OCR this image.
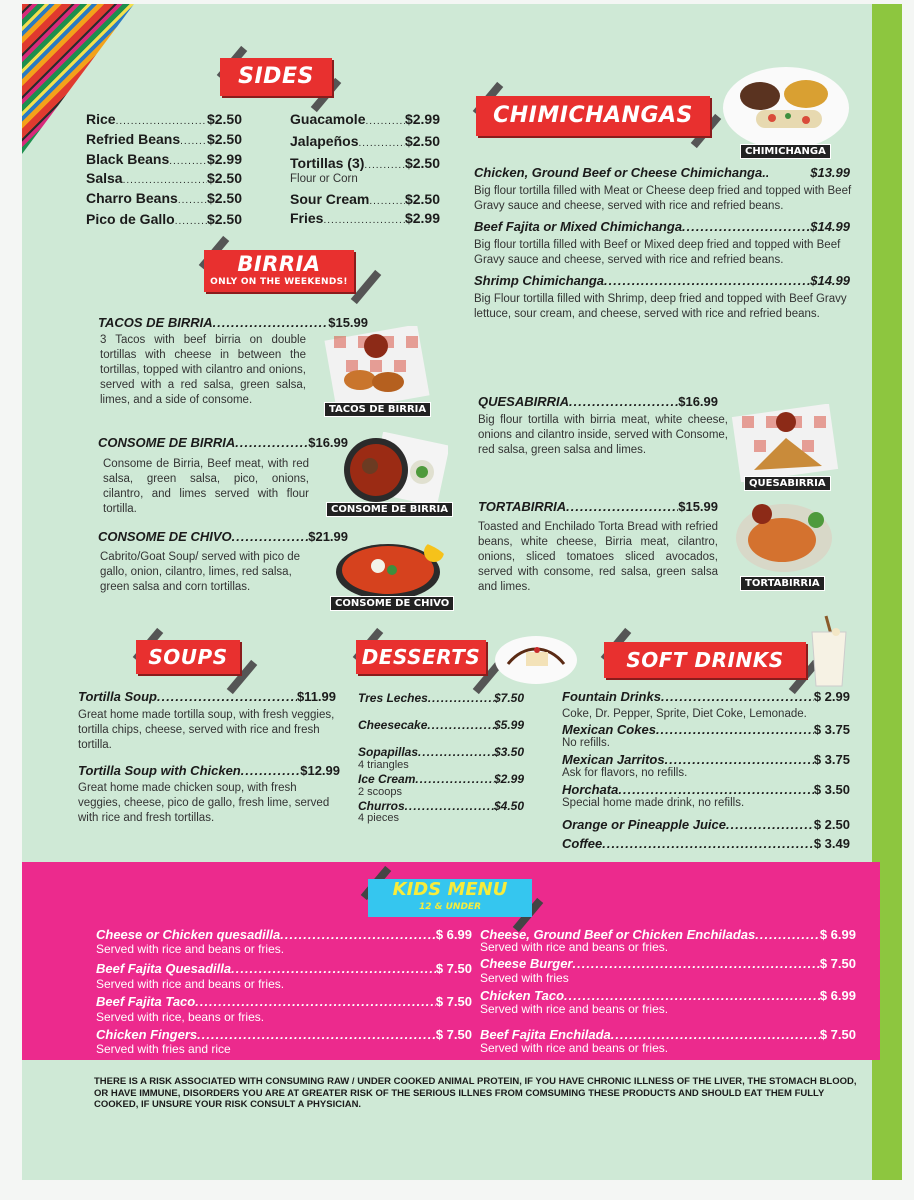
SIDES
Rice .....	$2.50
Refried Beans ..... $2.50
Black Beans .....	$2.99
Salsa .....	$2.50
Charro Beans ..... $2.50
Pico de Gallo ..... $2.50
Guacamole .....	$2.99
Jalapeños .....	$2.50
Tortillas (3) .....	$2.50
Flour or Corn
Sour Cream .....	$2.50
Fries .....	$2.99
CHIMICHANGAS
CHIMICHANGA
Chicken, Ground Beef or Cheese Chimichanga. .....	$13.99
Big flour tortilla filled with Meat or Cheese deep fried and topped with Beef Gravy sauce and cheese, served with rice and refried beans.
Beef Fajita or Mixed Chimichanga .....	$14.99
Big flour tortilla filled with Beef or Mixed deep fried and topped with Beef Gravy sauce and cheese, served with rice and refried beans.
Shrimp Chimichanga .....	$14.99
Big Flour tortilla filled with Shrimp, deep fried and topped with Beef Gravy lettuce, sour cream, and cheese, served with rice and refried beans.
BIRRIA
ONLY ON THE WEEKENDS!
TACOS DE BIRRIA .....	$15.99
3 Tacos with beef birria on double tortillas with cheese in between the tortillas, topped with cilantro and onions, served with a red salsa, green salsa, limes, and a side of consome.
TACOS DE BIRRIA
CONSOME DE BIRRIA .....	$16.99
Consome de Birria, Beef meat, with red salsa, green salsa, pico, onions, cilantro, and limes served with flour tortilla.	CONSOME DE BIRRIA
CONSOME DE CHIVO .....	$21.99
Cabrito/Goat Soup/ served with pico de gallo, onion, cilantro, limes, red salsa, green salsa and corn tortillas.
CONSOME DE CHIVO
QUESABIRRIA .....	$16.99
Big flour tortilla with birria meat, white cheese, onions and cilantro inside, served with Consome, red salsa, green salsa and limes.
QUESABIRRIA
TORTABIRRIA .....	$15.99
Toasted and Enchilado Torta Bread with refried beans, white cheese, Birria meat, cilantro, onions, sliced tomatoes sliced avocados, served with consome, red salsa, green salsa and limes.	TORTABIRRIA
SOUPS
Tortilla Soup .....	$11.99
Great home made tortilla soup, with fresh veggies, tortilla chips, cheese, served with rice and fresh tortilla.
Tortilla Soup with Chicken .....	$12.99
Great home made chicken soup, with fresh veggies, cheese, pico de gallo, fresh lime, served with rice and fresh tortillas.
DESSERTS
Tres Leches .....	$7.50
Cheesecake .....	$5.99
Sopapillas .....	$3.50
4 triangles
Ice Cream .....	$2.99
2 scoops
Churros .....	$4.50
4 pieces
SOFT DRINKS
Fountain Drinks .....	$ 2.99
Coke, Dr. Pepper, Sprite, Diet Coke, Lemonade.
Mexican Cokes .....	$ 3.75
No refills.
Mexican Jarritos .....	$ 3.75
Ask for flavors, no refills.
Horchata .....	$ 3.50
Special home made drink, no refills.
Orange or Pineapple Juice .....	$ 2.50
Coffee .....	$ 3.49
KIDS MENU
12 & UNDER
Cheese or Chicken quesadilla .....	$ 6.99
Served with rice and beans or fries.
Beef Fajita Quesadilla .....	$ 7.50
Served with rice and beans or fries.
Beef Fajita Taco .....	$ 7.50
Served with rice, beans or fries.
Chicken Fingers .....	$ 7.50
Served with fries and rice
Cheese, Ground Beef or Chicken Enchiladas .....	$ 6.99
Served with rice and beans or fries.
Cheese Burger .....	$ 7.50
Served with fries
Chicken Taco .....	$ 6.99
Served with rice and beans or fries.
Beef Fajita Enchilada .....	$ 7.50
Served with rice and beans or fries.
THERE IS A RISK ASSOCIATED WITH CONSUMING RAW / UNDER COOKED ANIMAL PROTEIN, IF YOU HAVE CHRONIC ILLNESS OF THE LIVER, THE STOMACH BLOOD, OR HAVE IMMUNE, DISORDERS YOU ARE AT GREATER RISK OF THE SERIOUS ILLNES FROM COMSUMING THESE PRODUCTS AND SHOULD EAT THEM FULLY COOKED, IF UNSURE YOUR RISK CONSULT A PHYSICIAN.
